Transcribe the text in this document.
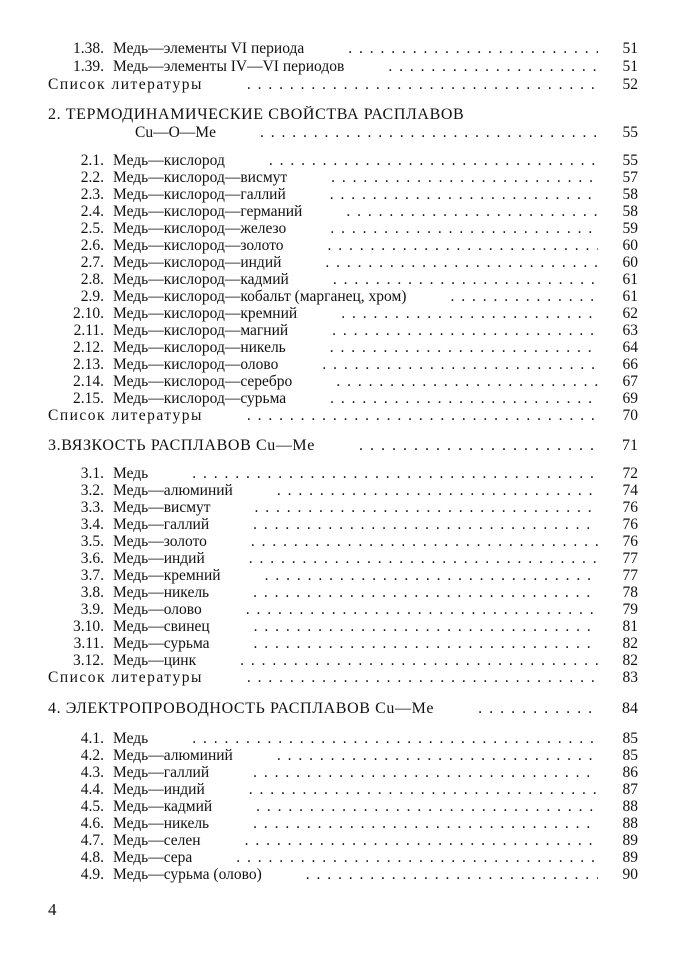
1.38. Медь—элементы VI периода . . .	51
1.39. Медь—элементы IV—VI периодов . . .	51
Список литературы . . .	52
2. ТЕРМОДИНАМИЧЕСКИЕ СВОЙСТВА РАСПЛАВОВ
Cu—O—Me . . .	55
2.1. Медь—кислород . . .	55
2.2. Медь—кислород—висмут . . .	57
2.3. Медь—кислород—галлий . . .	58
2.4. Медь—кислород—германий . . .	58
2.5. Медь—кислород—железо . . .	59
2.6. Медь—кислород—золото . . .	60
2.7. Медь—кислород—индий . . .	60
2.8. Медь—кислород—кадмий . . .	61
2.9. Медь—кислород—кобальт (марганец, хром) . . .	61
2.10. Медь—кислород—кремний . . .	62
2.11. Медь—кислород—магний . . .	63
2.12. Медь—кислород—никель . . .	64
2.13. Медь—кислород—олово . . .	66
2.14. Медь—кислород—серебро . . .	67
2.15. Медь—кислород—сурьма . . .	69
Список литературы . . .	70
3.ВЯЗКОСТЬ РАСПЛАВОВ Cu—Me . . .	71
3.1. Медь . . .	72
3.2. Медь—алюминий . . .	74
3.3. Медь—висмут . . .	76
3.4. Медь—галлий . . .	76
3.5. Медь—золото . . .	76
3.6. Медь—индий . . .	77
3.7. Медь—кремний . . .	77
3.8. Медь—никель . . .	78
3.9. Медь—олово . . .	79
3.10. Медь—свинец . . .	81
3.11. Медь—сурьма . . .	82
3.12. Медь—цинк . . .	82
Список литературы . . .	83
4. ЭЛЕКТРОПРОВОДНОСТЬ РАСПЛАВОВ Cu—Me . . .	84
4.1. Медь . . .	85
4.2. Медь—алюминий . . .	85
4.3. Медь—галлий . . .	86
4.4. Медь—индий . . .	87
4.5. Медь—кадмий . . .	88
4.6. Медь—никель . . .	88
4.7. Медь—селен . . .	89
4.8. Медь—сера . . .	89
4.9. Медь—сурьма (олово) . . .	90
4
